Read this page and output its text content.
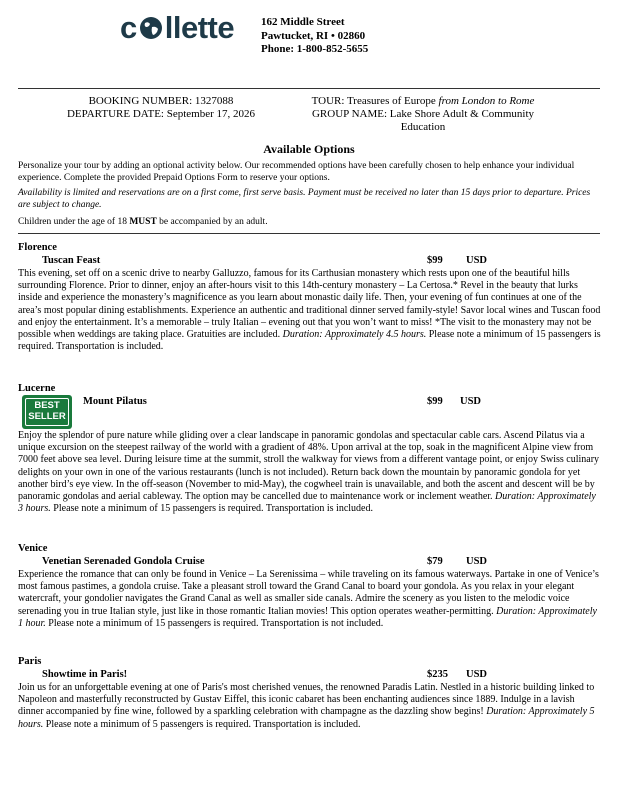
c llette 162 Middle Street
Pawtucket, RI • 02860
Phone: 1-800-852-5655
BOOKING NUMBER: 1327088
DEPARTURE DATE: September 17, 2026
TOUR: Treasures of Europe from London to Rome
GROUP NAME: Lake Shore Adult & Community
Education
Available Options
Personalize your tour by adding an optional activity below. Our recommended options have been carefully chosen to help enhance your individual experience. Complete the provided Prepaid Options Form to reserve your options.
Availability is limited and reservations are on a first come, first serve basis. Payment must be received no later than 15 days prior to departure. Prices are subject to change.
Children under the age of 18 MUST be accompanied by an adult.
Florence
Tuscan Feast	$99 USD

This evening, set off on a scenic drive to nearby Galluzzo, famous for its Carthusian monastery which rests upon one of the beautiful hills surrounding Florence. Prior to dinner, enjoy an after-hours visit to this 14th-century monastery – La Certosa.* Revel in the beauty that lurks inside and experience the monastery’s magnificence as you learn about monastic daily life. Then, your evening of fun continues at one of the area’s most popular dining establishments. Experience an authentic and traditional dinner served family-style! Savor local wines and Tuscan food and enjoy the entertainment. It’s a memorable – truly Italian – evening out that you won’t want to miss! *The visit to the monastery may not be possible when weddings are taking place. Gratuities are included. Duration: Approximately 4.5 hours. Please note a minimum of 15 passengers is required. Transportation is included.

Lucerne
BEST
SELLER
Mount Pilatus	$99 USD

Enjoy the splendor of pure nature while gliding over a clear landscape in panoramic gondolas and spectacular cable cars. Ascend Pilatus via a unique excursion on the steepest railway of the world with a gradient of 48%. Upon arrival at the top, soak in the magnificent Alpine view from 7000 feet above sea level. During leisure time at the summit, stroll the walkway for views from a different vantage point, or enjoy Swiss culinary delights on your own in one of the various restaurants (lunch is not included). Return back down the mountain by panoramic gondola for yet another bird’s eye view. In the off-season (November to mid-May), the cogwheel train is unavailable, and both the ascent and descent will be by panoramic gondolas and aerial cableway. The option may be cancelled due to maintenance work or inclement weather. Duration: Approximately 3 hours. Please note a minimum of 15 passengers is required. Transportation is included.

Venice
Venetian Serenaded Gondola Cruise	$79 USD

Experience the romance that can only be found in Venice – La Serenissima – while traveling on its famous waterways. Partake in one of Venice’s most famous pastimes, a gondola cruise. Take a pleasant stroll toward the Grand Canal to board your gondola. As you relax in your elegant watercraft, your gondolier navigates the Grand Canal as well as smaller side canals. Admire the scenery as you listen to the melodic voice serenading you in true Italian style, just like in those romantic Italian movies! This option operates weather-permitting. Duration: Approximately 1 hour. Please note a minimum of 15 passengers is required. Transportation is not included.

Paris
Showtime in Paris!	$235 USD

Join us for an unforgettable evening at one of Paris's most cherished venues, the renowned Paradis Latin. Nestled in a historic building linked to Napoleon and masterfully reconstructed by Gustav Eiffel, this iconic cabaret has been enchanting audiences since 1889. Indulge in a lavish dinner accompanied by fine wine, followed by a sparkling celebration with champagne as the dazzling show begins! Duration: Approximately 5 hours. Please note a minimum of 5 passengers is required. Transportation is included.
